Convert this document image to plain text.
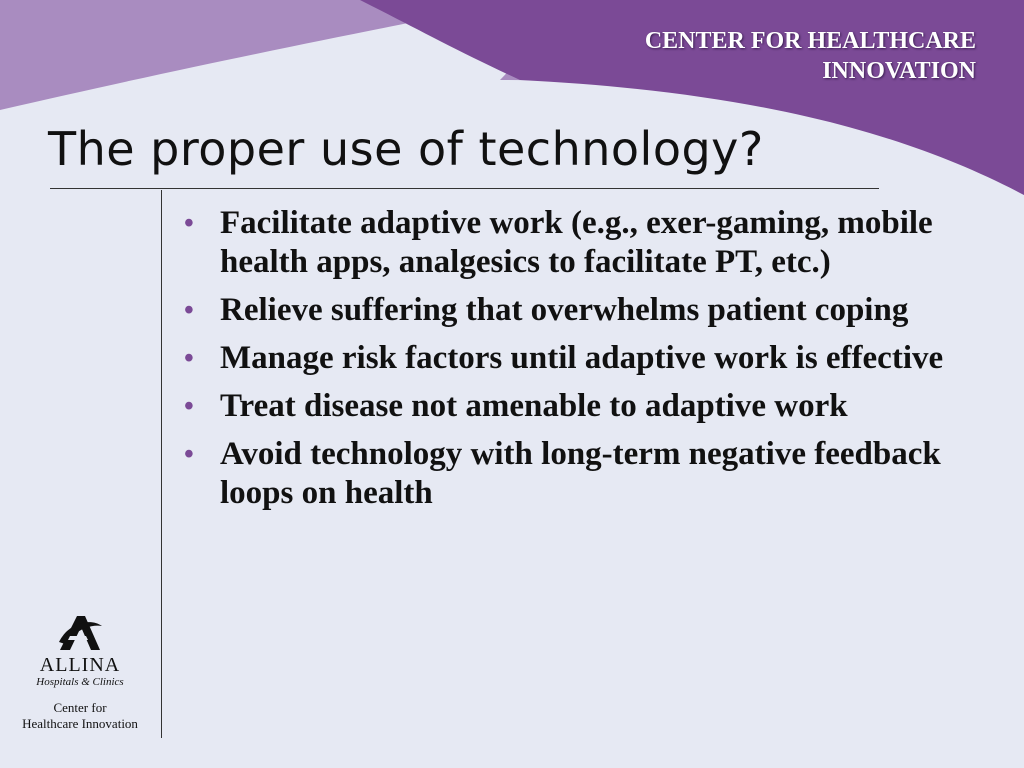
CENTER FOR HEALTHCARE
INNOVATION
The proper use of technology?
• Facilitate adaptive work (e.g., exer-gaming, mobile health apps, analgesics to facilitate PT, etc.)
• Relieve suffering that overwhelms patient coping
• Manage risk factors until adaptive work is effective
• Treat disease not amenable to adaptive work
• Avoid technology with long-term negative feedback loops on health
ALLINA
Hospitals & Clinics
Center for
Healthcare Innovation
